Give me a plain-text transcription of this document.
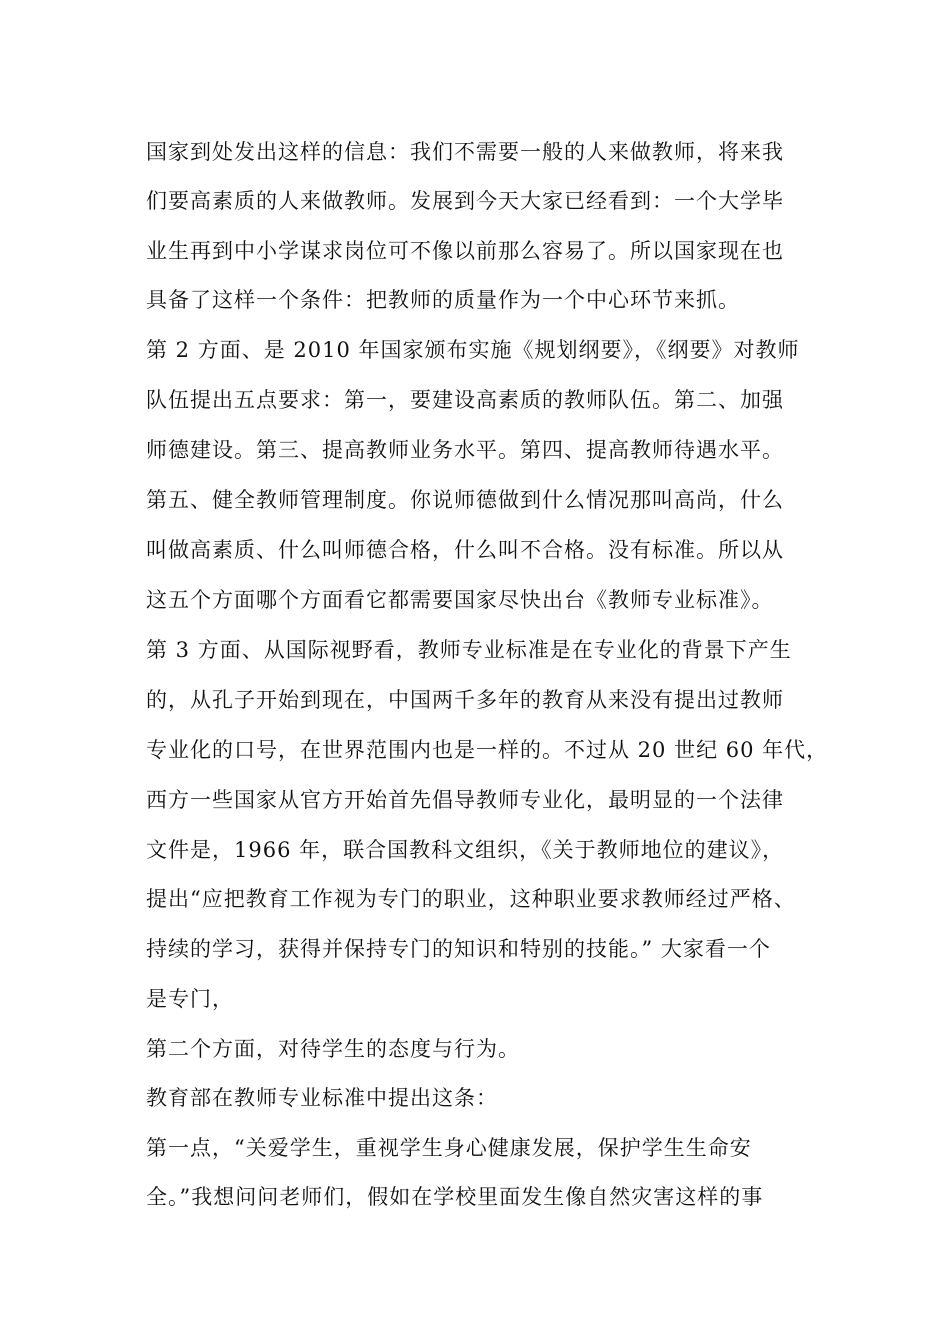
国家到处发出这样的信息：我们不需要一般的人来做教师，将来我
们要高素质的人来做教师。发展到今天大家已经看到：一个大学毕
业生再到中小学谋求岗位可不像以前那么容易了。所以国家现在也
具备了这样一个条件：把教师的质量作为一个中心环节来抓。
第 2 方面、是 2010 年国家颁布实施《规划纲要》，《纲要》对教师
队伍提出五点要求：第一，要建设高素质的教师队伍。第二、加强
师德建设。第三、提高教师业务水平。第四、提高教师待遇水平。
第五、健全教师管理制度。你说师德做到什么情况那叫高尚，什么
叫做高素质、什么叫师德合格，什么叫不合格。没有标准。所以从
这五个方面哪个方面看它都需要国家尽快出台《教师专业标准》。
第 3 方面、从国际视野看，教师专业标准是在专业化的背景下产生
的，从孔子开始到现在，中国两千多年的教育从来没有提出过教师
专业化的口号，在世界范围内也是一样的。不过从 20 世纪 60 年代，
西方一些国家从官方开始首先倡导教师专业化，最明显的一个法律
文件是，1966 年，联合国教科文组织，《关于教师地位的建议》，
提出“应把教育工作视为专门的职业，这种职业要求教师经过严格、
持续的学习，获得并保持专门的知识和特别的技能。” 大家看一个
是专门，
第二个方面，对待学生的态度与行为。
教育部在教师专业标准中提出这条：
第一点，“关爱学生，重视学生身心健康发展，保护学生生命安
全。”我想问问老师们，假如在学校里面发生像自然灾害这样的事
